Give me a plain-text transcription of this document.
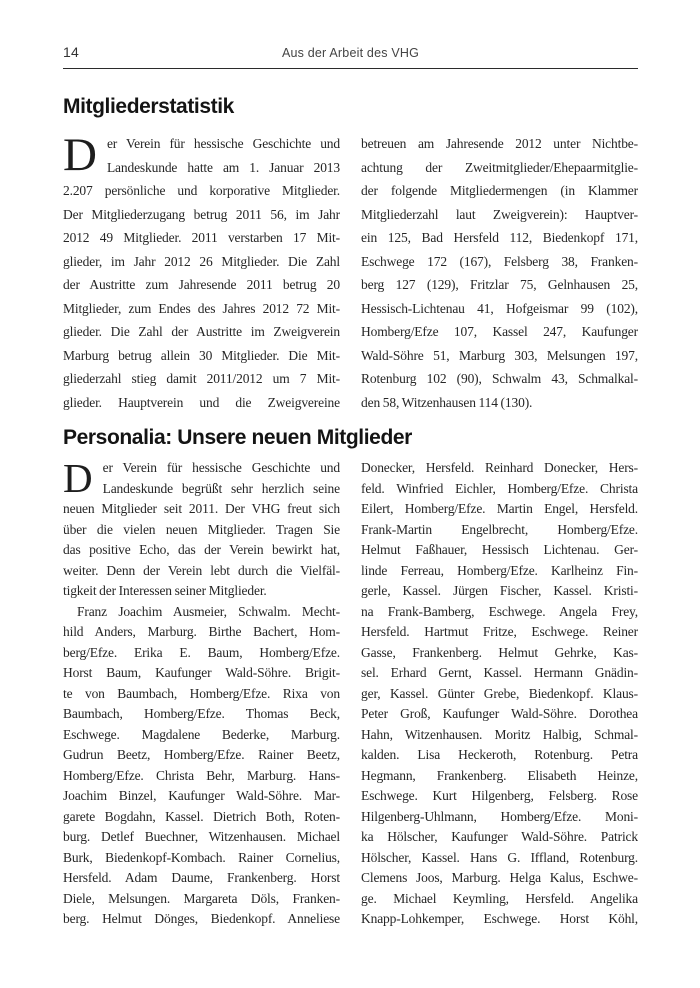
14	Aus der Arbeit des VHG
Mitgliederstatistik
D er Verein für hessische Geschichte und
Landeskunde hatte am 1. Januar 2013
2.207 persönliche und korporative Mitglieder.
Der Mitgliederzugang betrug 2011 56, im Jahr
2012 49 Mitglieder. 2011 verstarben 17 Mit-
glieder, im Jahr 2012 26 Mitglieder. Die Zahl
der Austritte zum Jahresende 2011 betrug 20
Mitglieder, zum Endes des Jahres 2012 72 Mit-
glieder. Die Zahl der Austritte im Zweigverein
Marburg betrug allein 30 Mitglieder. Die Mit-
gliederzahl stieg damit 2011/2012 um 7 Mit-
glieder. Hauptverein und die Zweigvereine
betreuen am Jahresende 2012 unter Nichtbe-
achtung der Zweitmitglieder/Ehepaarmitglie-
der folgende Mitgliedermengen (in Klammer
Mitgliederzahl laut Zweigverein): Hauptver-
ein 125, Bad Hersfeld 112, Biedenkopf 171,
Eschwege 172 (167), Felsberg 38, Franken-
berg 127 (129), Fritzlar 75, Gelnhausen 25,
Hessisch-Lichtenau 41, Hofgeismar 99 (102),
Homberg/Efze 107, Kassel 247, Kaufunger
Wald-Söhre 51, Marburg 303, Melsungen 197,
Rotenburg 102 (90), Schwalm 43, Schmalkal-
den 58, Witzenhausen 114 (130).
Personalia: Unsere neuen Mitglieder
D er Verein für hessische Geschichte und
Landeskunde begrüßt sehr herzlich seine
neuen Mitglieder seit 2011. Der VHG freut sich
über die vielen neuen Mitglieder. Tragen Sie
das positive Echo, das der Verein bewirkt hat,
weiter. Denn der Verein lebt durch die Vielfäl-
tigkeit der Interessen seiner Mitglieder.
Franz Joachim Ausmeier, Schwalm. Mecht-
hild Anders, Marburg. Birthe Bachert, Hom-
berg/Efze. Erika E. Baum, Homberg/Efze.
Horst Baum, Kaufunger Wald-Söhre. Brigit-
te von Baumbach, Homberg/Efze. Rixa von
Baumbach, Homberg/Efze. Thomas Beck,
Eschwege. Magdalene Bederke, Marburg.
Gudrun Beetz, Homberg/Efze. Rainer Beetz,
Homberg/Efze. Christa Behr, Marburg. Hans-
Joachim Binzel, Kaufunger Wald-Söhre. Mar-
garete Bogdahn, Kassel. Dietrich Both, Roten-
burg. Detlef Buechner, Witzenhausen. Michael
Burk, Biedenkopf-Kombach. Rainer Cornelius,
Hersfeld. Adam Daume, Frankenberg. Horst
Diele, Melsungen. Margareta Döls, Franken-
berg. Helmut Dönges, Biedenkopf. Anneliese
Donecker, Hersfeld. Reinhard Donecker, Hers-
feld. Winfried Eichler, Homberg/Efze. Christa
Eilert, Homberg/Efze. Martin Engel, Hersfeld.
Frank-Martin Engelbrecht, Homberg/Efze.
Helmut Faßhauer, Hessisch Lichtenau. Ger-
linde Ferreau, Homberg/Efze. Karlheinz Fin-
gerle, Kassel. Jürgen Fischer, Kassel. Kristi-
na Frank-Bamberg, Eschwege. Angela Frey,
Hersfeld. Hartmut Fritze, Eschwege. Reiner
Gasse, Frankenberg. Helmut Gehrke, Kas-
sel. Erhard Gernt, Kassel. Hermann Gnädin-
ger, Kassel. Günter Grebe, Biedenkopf. Klaus-
Peter Groß, Kaufunger Wald-Söhre. Dorothea
Hahn, Witzenhausen. Moritz Halbig, Schmal-
kalden. Lisa Heckeroth, Rotenburg. Petra
Hegmann, Frankenberg. Elisabeth Heinze,
Eschwege. Kurt Hilgenberg, Felsberg. Rose
Hilgenberg-Uhlmann, Homberg/Efze. Moni-
ka Hölscher, Kaufunger Wald-Söhre. Patrick
Hölscher, Kassel. Hans G. Iffland, Rotenburg.
Clemens Joos, Marburg. Helga Kalus, Eschwe-
ge. Michael Keymling, Hersfeld. Angelika
Knapp-Lohkemper, Eschwege. Horst Köhl,
